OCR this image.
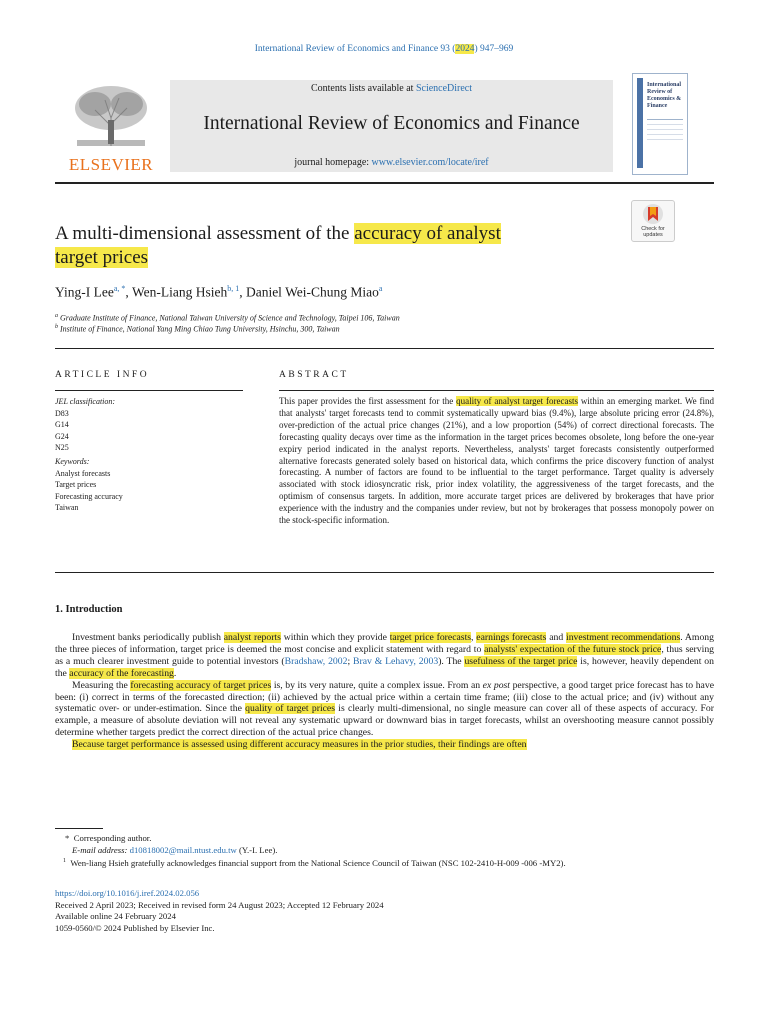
International Review of Economics and Finance 93 (2024) 947–969
ELSEVIER
Contents lists available at ScienceDirect
International Review of Economics and Finance
journal homepage: www.elsevier.com/locate/iref
International Review of Economics & Finance
Check for updates
A multi-dimensional assessment of the accuracy of analyst
target prices
Ying-I Lee$^{a, *}$, Wen-Liang Hsieh$^{b, 1}$, Daniel Wei-Chung Miao$^a$
$^a$ Graduate Institute of Finance, National Taiwan University of Science and Technology, Taipei 106, Taiwan
$^b$ Institute of Finance, National Yang Ming Chiao Tung University, Hsinchu, 300, Taiwan
ARTICLE INFO
JEL classification:
D83
G14
G24
N25
Keywords:
Analyst forecasts
Target prices
Forecasting accuracy
Taiwan
ABSTRACT
This paper provides the first assessment for the quality of analyst target forecasts within an emerging market. We find that analysts' target forecasts tend to commit systematically upward bias (9.4%), large absolute pricing error (24.8%), over-prediction of the actual price changes (21%), and a low proportion (54%) of correct directional forecasts. The forecasting quality decays over time as the information in the target prices becomes obsolete, long before the one-year expiry period indicated in the analyst reports. Nevertheless, analysts' target forecasts consistently outperformed alternative forecasts generated solely based on historical data, which confirms the price discovery function of analyst forecasting. A number of factors are found to be influential to the target performance. Target quality is adversely associated with stock idiosyncratic risk, prior index volatility, the aggressiveness of the target forecasts, and the optimism of consensus targets. In addition, more accurate target prices are delivered by brokerages that have prior experience with the industry and the companies under review, but not by brokerages that possess monopoly power on the stock-specific information.
1. Introduction

Investment banks periodically publish analyst reports within which they provide target price forecasts, earnings forecasts and investment recommendations. Among the three pieces of information, target price is deemed the most concise and explicit statement with regard to analysts' expectation of the future stock price, thus serving as a much clearer investment guide to potential investors (Bradshaw, 2002; Brav & Lehavy, 2003). The usefulness of the target price is, however, heavily dependent on the accuracy of the forecasting.

Measuring the forecasting accuracy of target prices is, by its very nature, quite a complex issue. From an ex post perspective, a good target price forecast has to have been: (i) correct in terms of the forecasted direction; (ii) achieved by the actual price within a certain time frame; (iii) close to the actual price; and (iv) without any systematic over- or under-estimation. Since the quality of target prices is clearly multi-dimensional, no single measure can cover all of these aspects of accuracy. For example, a measure of absolute deviation will not reveal any systematic upward or downward bias in target forecasts, whilst an overshooting measure cannot possibly determine whether targets predict the correct direction of the actual price changes.

Because target performance is assessed using different accuracy measures in the prior studies, their findings are often

* Corresponding author.
E-mail address: d10818002@mail.ntust.edu.tw (Y.-I. Lee).
$^1$ Wen-liang Hsieh gratefully acknowledges financial support from the National Science Council of Taiwan (NSC 102-2410-H-009 -006 -MY2).
https://doi.org/10.1016/j.iref.2024.02.056
Received 2 April 2023; Received in revised form 24 August 2023; Accepted 12 February 2024
Available online 24 February 2024
1059-0560/© 2024 Published by Elsevier Inc.
